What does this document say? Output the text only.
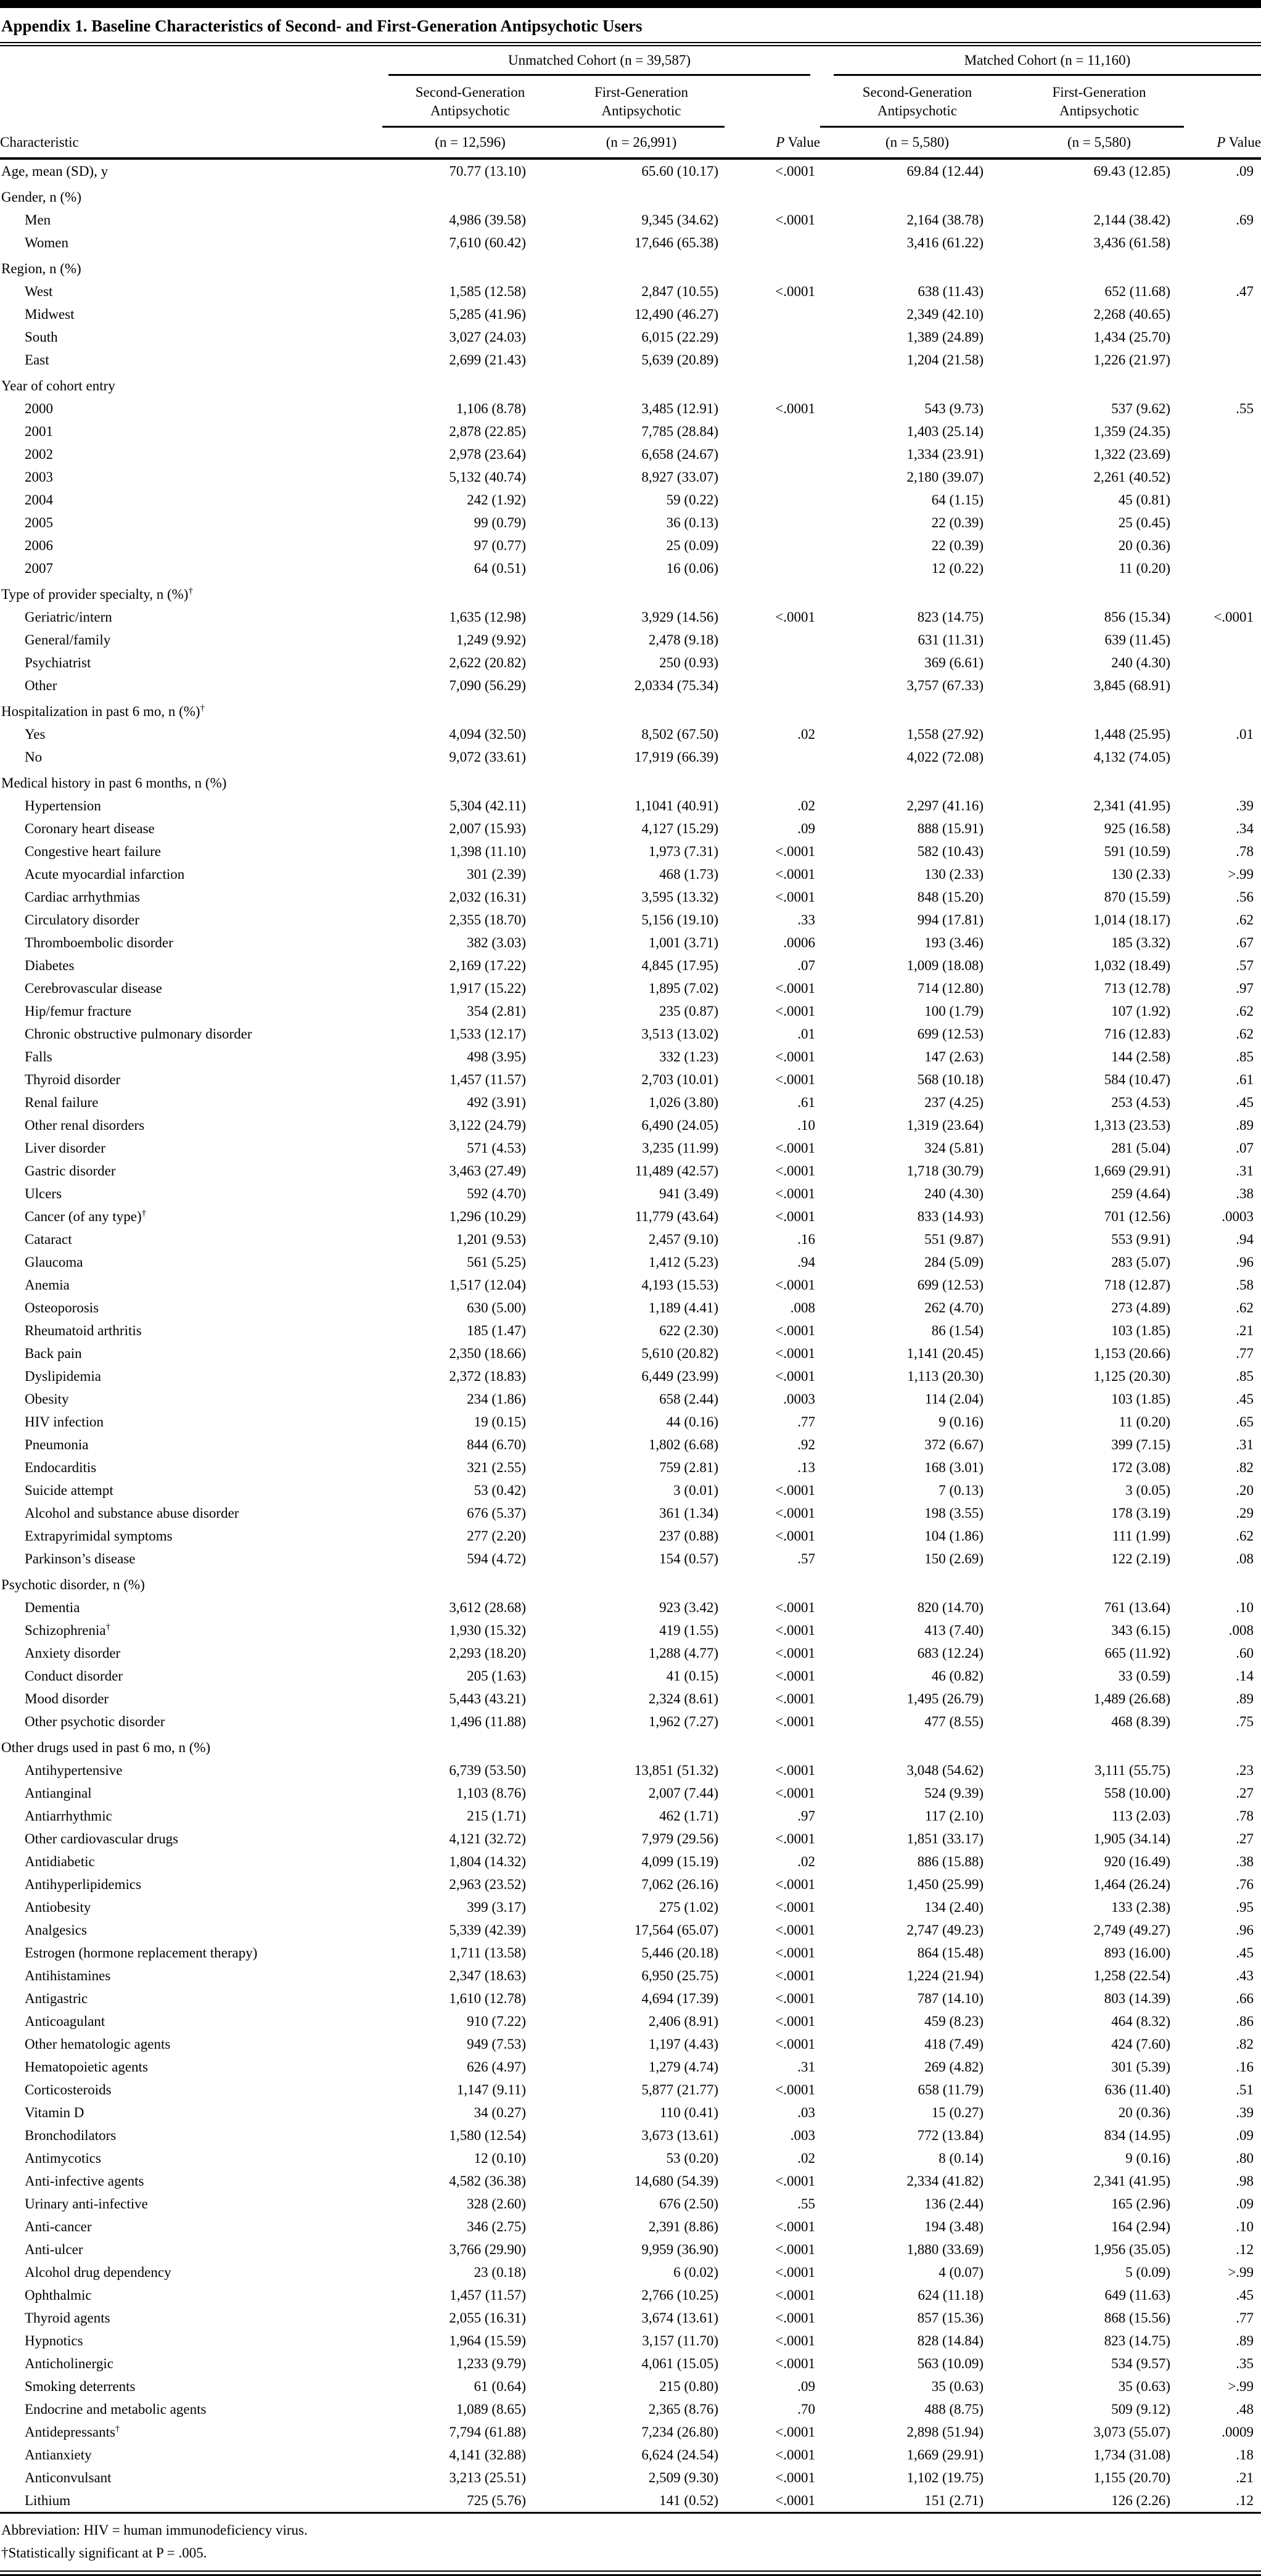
Appendix 1. Baseline Characteristics of Second- and First-Generation Antipsychotic Users

	Unmatched Cohort (n = 39,587)			Matched Cohort (n = 11,160)		

	Second-Generation Antipsychotic	First-Generation Antipsychotic		Second-Generation Antipsychotic	First-Generation Antipsychotic	
Characteristic	(n = 12,596)	(n = 26,991)	P Value	(n = 5,580)	(n = 5,580)	P Value
Age, mean (SD), y	70.77 (13.10)	65.60 (10.17)	<.0001	69.84 (12.44)	69.43 (12.85)	.09
Gender, n (%)						
Men	4,986 (39.58)	9,345 (34.62)	<.0001	2,164 (38.78)	2,144 (38.42)	.69
Women	7,610 (60.42)	17,646 (65.38)		3,416 (61.22)	3,436 (61.58)	
Region, n (%)						
West	1,585 (12.58)	2,847 (10.55)	<.0001	638 (11.43)	652 (11.68)	.47
Midwest	5,285 (41.96)	12,490 (46.27)		2,349 (42.10)	2,268 (40.65)	
South	3,027 (24.03)	6,015 (22.29)		1,389 (24.89)	1,434 (25.70)	
East	2,699 (21.43)	5,639 (20.89)		1,204 (21.58)	1,226 (21.97)	
Year of cohort entry						
2000	1,106 (8.78)	3,485 (12.91)	<.0001	543 (9.73)	537 (9.62)	.55
2001	2,878 (22.85)	7,785 (28.84)		1,403 (25.14)	1,359 (24.35)	
2002	2,978 (23.64)	6,658 (24.67)		1,334 (23.91)	1,322 (23.69)	
2003	5,132 (40.74)	8,927 (33.07)		2,180 (39.07)	2,261 (40.52)	
2004	242 (1.92)	59 (0.22)		64 (1.15)	45 (0.81)	
2005	99 (0.79)	36 (0.13)		22 (0.39)	25 (0.45)	
2006	97 (0.77)	25 (0.09)		22 (0.39)	20 (0.36)	
2007	64 (0.51)	16 (0.06)		12 (0.22)	11 (0.20)	
Type of provider specialty, n (%)†						
Geriatric/intern	1,635 (12.98)	3,929 (14.56)	<.0001	823 (14.75)	856 (15.34)	<.0001
General/family	1,249 (9.92)	2,478 (9.18)		631 (11.31)	639 (11.45)	
Psychiatrist	2,622 (20.82)	250 (0.93)		369 (6.61)	240 (4.30)	
Other	7,090 (56.29)	2,0334 (75.34)		3,757 (67.33)	3,845 (68.91)	
Hospitalization in past 6 mo, n (%)†						
Yes	4,094 (32.50)	8,502 (67.50)	.02	1,558 (27.92)	1,448 (25.95)	.01
No	9,072 (33.61)	17,919 (66.39)		4,022 (72.08)	4,132 (74.05)	
Medical history in past 6 months, n (%)						
Hypertension	5,304 (42.11)	1,1041 (40.91)	.02	2,297 (41.16)	2,341 (41.95)	.39
Coronary heart disease	2,007 (15.93)	4,127 (15.29)	.09	888 (15.91)	925 (16.58)	.34
Congestive heart failure	1,398 (11.10)	1,973 (7.31)	<.0001	582 (10.43)	591 (10.59)	.78
Acute myocardial infarction	301 (2.39)	468 (1.73)	<.0001	130 (2.33)	130 (2.33)	>.99
Cardiac arrhythmias	2,032 (16.31)	3,595 (13.32)	<.0001	848 (15.20)	870 (15.59)	.56
Circulatory disorder	2,355 (18.70)	5,156 (19.10)	.33	994 (17.81)	1,014 (18.17)	.62
Thromboembolic disorder	382 (3.03)	1,001 (3.71)	.0006	193 (3.46)	185 (3.32)	.67
Diabetes	2,169 (17.22)	4,845 (17.95)	.07	1,009 (18.08)	1,032 (18.49)	.57
Cerebrovascular disease	1,917 (15.22)	1,895 (7.02)	<.0001	714 (12.80)	713 (12.78)	.97
Hip/femur fracture	354 (2.81)	235 (0.87)	<.0001	100 (1.79)	107 (1.92)	.62
Chronic obstructive pulmonary disorder	1,533 (12.17)	3,513 (13.02)	.01	699 (12.53)	716 (12.83)	.62
Falls	498 (3.95)	332 (1.23)	<.0001	147 (2.63)	144 (2.58)	.85
Thyroid disorder	1,457 (11.57)	2,703 (10.01)	<.0001	568 (10.18)	584 (10.47)	.61
Renal failure	492 (3.91)	1,026 (3.80)	.61	237 (4.25)	253 (4.53)	.45
Other renal disorders	3,122 (24.79)	6,490 (24.05)	.10	1,319 (23.64)	1,313 (23.53)	.89
Liver disorder	571 (4.53)	3,235 (11.99)	<.0001	324 (5.81)	281 (5.04)	.07
Gastric disorder	3,463 (27.49)	11,489 (42.57)	<.0001	1,718 (30.79)	1,669 (29.91)	.31
Ulcers	592 (4.70)	941 (3.49)	<.0001	240 (4.30)	259 (4.64)	.38
Cancer (of any type)†	1,296 (10.29)	11,779 (43.64)	<.0001	833 (14.93)	701 (12.56)	.0003
Cataract	1,201 (9.53)	2,457 (9.10)	.16	551 (9.87)	553 (9.91)	.94
Glaucoma	561 (5.25)	1,412 (5.23)	.94	284 (5.09)	283 (5.07)	.96
Anemia	1,517 (12.04)	4,193 (15.53)	<.0001	699 (12.53)	718 (12.87)	.58
Osteoporosis	630 (5.00)	1,189 (4.41)	.008	262 (4.70)	273 (4.89)	.62
Rheumatoid arthritis	185 (1.47)	622 (2.30)	<.0001	86 (1.54)	103 (1.85)	.21
Back pain	2,350 (18.66)	5,610 (20.82)	<.0001	1,141 (20.45)	1,153 (20.66)	.77
Dyslipidemia	2,372 (18.83)	6,449 (23.99)	<.0001	1,113 (20.30)	1,125 (20.30)	.85
Obesity	234 (1.86)	658 (2.44)	.0003	114 (2.04)	103 (1.85)	.45
HIV infection	19 (0.15)	44 (0.16)	.77	9 (0.16)	11 (0.20)	.65
Pneumonia	844 (6.70)	1,802 (6.68)	.92	372 (6.67)	399 (7.15)	.31
Endocarditis	321 (2.55)	759 (2.81)	.13	168 (3.01)	172 (3.08)	.82
Suicide attempt	53 (0.42)	3 (0.01)	<.0001	7 (0.13)	3 (0.05)	.20
Alcohol and substance abuse disorder	676 (5.37)	361 (1.34)	<.0001	198 (3.55)	178 (3.19)	.29
Extrapyrimidal symptoms	277 (2.20)	237 (0.88)	<.0001	104 (1.86)	111 (1.99)	.62
Parkinson’s disease	594 (4.72)	154 (0.57)	.57	150 (2.69)	122 (2.19)	.08
Psychotic disorder, n (%)						
Dementia	3,612 (28.68)	923 (3.42)	<.0001	820 (14.70)	761 (13.64)	.10
Schizophrenia†	1,930 (15.32)	419 (1.55)	<.0001	413 (7.40)	343 (6.15)	.008
Anxiety disorder	2,293 (18.20)	1,288 (4.77)	<.0001	683 (12.24)	665 (11.92)	.60
Conduct disorder	205 (1.63)	41 (0.15)	<.0001	46 (0.82)	33 (0.59)	.14
Mood disorder	5,443 (43.21)	2,324 (8.61)	<.0001	1,495 (26.79)	1,489 (26.68)	.89
Other psychotic disorder	1,496 (11.88)	1,962 (7.27)	<.0001	477 (8.55)	468 (8.39)	.75
Other drugs used in past 6 mo, n (%)						
Antihypertensive	6,739 (53.50)	13,851 (51.32)	<.0001	3,048 (54.62)	3,111 (55.75)	.23
Antianginal	1,103 (8.76)	2,007 (7.44)	<.0001	524 (9.39)	558 (10.00)	.27
Antiarrhythmic	215 (1.71)	462 (1.71)	.97	117 (2.10)	113 (2.03)	.78
Other cardiovascular drugs	4,121 (32.72)	7,979 (29.56)	<.0001	1,851 (33.17)	1,905 (34.14)	.27
Antidiabetic	1,804 (14.32)	4,099 (15.19)	.02	886 (15.88)	920 (16.49)	.38
Antihyperlipidemics	2,963 (23.52)	7,062 (26.16)	<.0001	1,450 (25.99)	1,464 (26.24)	.76
Antiobesity	399 (3.17)	275 (1.02)	<.0001	134 (2.40)	133 (2.38)	.95
Analgesics	5,339 (42.39)	17,564 (65.07)	<.0001	2,747 (49.23)	2,749 (49.27)	.96
Estrogen (hormone replacement therapy)	1,711 (13.58)	5,446 (20.18)	<.0001	864 (15.48)	893 (16.00)	.45
Antihistamines	2,347 (18.63)	6,950 (25.75)	<.0001	1,224 (21.94)	1,258 (22.54)	.43
Antigastric	1,610 (12.78)	4,694 (17.39)	<.0001	787 (14.10)	803 (14.39)	.66
Anticoagulant	910 (7.22)	2,406 (8.91)	<.0001	459 (8.23)	464 (8.32)	.86
Other hematologic agents	949 (7.53)	1,197 (4.43)	<.0001	418 (7.49)	424 (7.60)	.82
Hematopoietic agents	626 (4.97)	1,279 (4.74)	.31	269 (4.82)	301 (5.39)	.16
Corticosteroids	1,147 (9.11)	5,877 (21.77)	<.0001	658 (11.79)	636 (11.40)	.51
Vitamin D	34 (0.27)	110 (0.41)	.03	15 (0.27)	20 (0.36)	.39
Bronchodilators	1,580 (12.54)	3,673 (13.61)	.003	772 (13.84)	834 (14.95)	.09
Antimycotics	12 (0.10)	53 (0.20)	.02	8 (0.14)	9 (0.16)	.80
Anti-infective agents	4,582 (36.38)	14,680 (54.39)	<.0001	2,334 (41.82)	2,341 (41.95)	.98
Urinary anti-infective	328 (2.60)	676 (2.50)	.55	136 (2.44)	165 (2.96)	.09
Anti-cancer	346 (2.75)	2,391 (8.86)	<.0001	194 (3.48)	164 (2.94)	.10
Anti-ulcer	3,766 (29.90)	9,959 (36.90)	<.0001	1,880 (33.69)	1,956 (35.05)	.12
Alcohol drug dependency	23 (0.18)	6 (0.02)	<.0001	4 (0.07)	5 (0.09)	>.99
Ophthalmic	1,457 (11.57)	2,766 (10.25)	<.0001	624 (11.18)	649 (11.63)	.45
Thyroid agents	2,055 (16.31)	3,674 (13.61)	<.0001	857 (15.36)	868 (15.56)	.77
Hypnotics	1,964 (15.59)	3,157 (11.70)	<.0001	828 (14.84)	823 (14.75)	.89
Anticholinergic	1,233 (9.79)	4,061 (15.05)	<.0001	563 (10.09)	534 (9.57)	.35
Smoking deterrents	61 (0.64)	215 (0.80)	.09	35 (0.63)	35 (0.63)	>.99
Endocrine and metabolic agents	1,089 (8.65)	2,365 (8.76)	.70	488 (8.75)	509 (9.12)	.48
Antidepressants†	7,794 (61.88)	7,234 (26.80)	<.0001	2,898 (51.94)	3,073 (55.07)	.0009
Antianxiety	4,141 (32.88)	6,624 (24.54)	<.0001	1,669 (29.91)	1,734 (31.08)	.18
Anticonvulsant	3,213 (25.51)	2,509 (9.30)	<.0001	1,102 (19.75)	1,155 (20.70)	.21
Lithium	725 (5.76)	141 (0.52)	<.0001	151 (2.71)	126 (2.26)	.12

Abbreviation: HIV = human immunodeficiency virus.

†Statistically significant at P = .005.
